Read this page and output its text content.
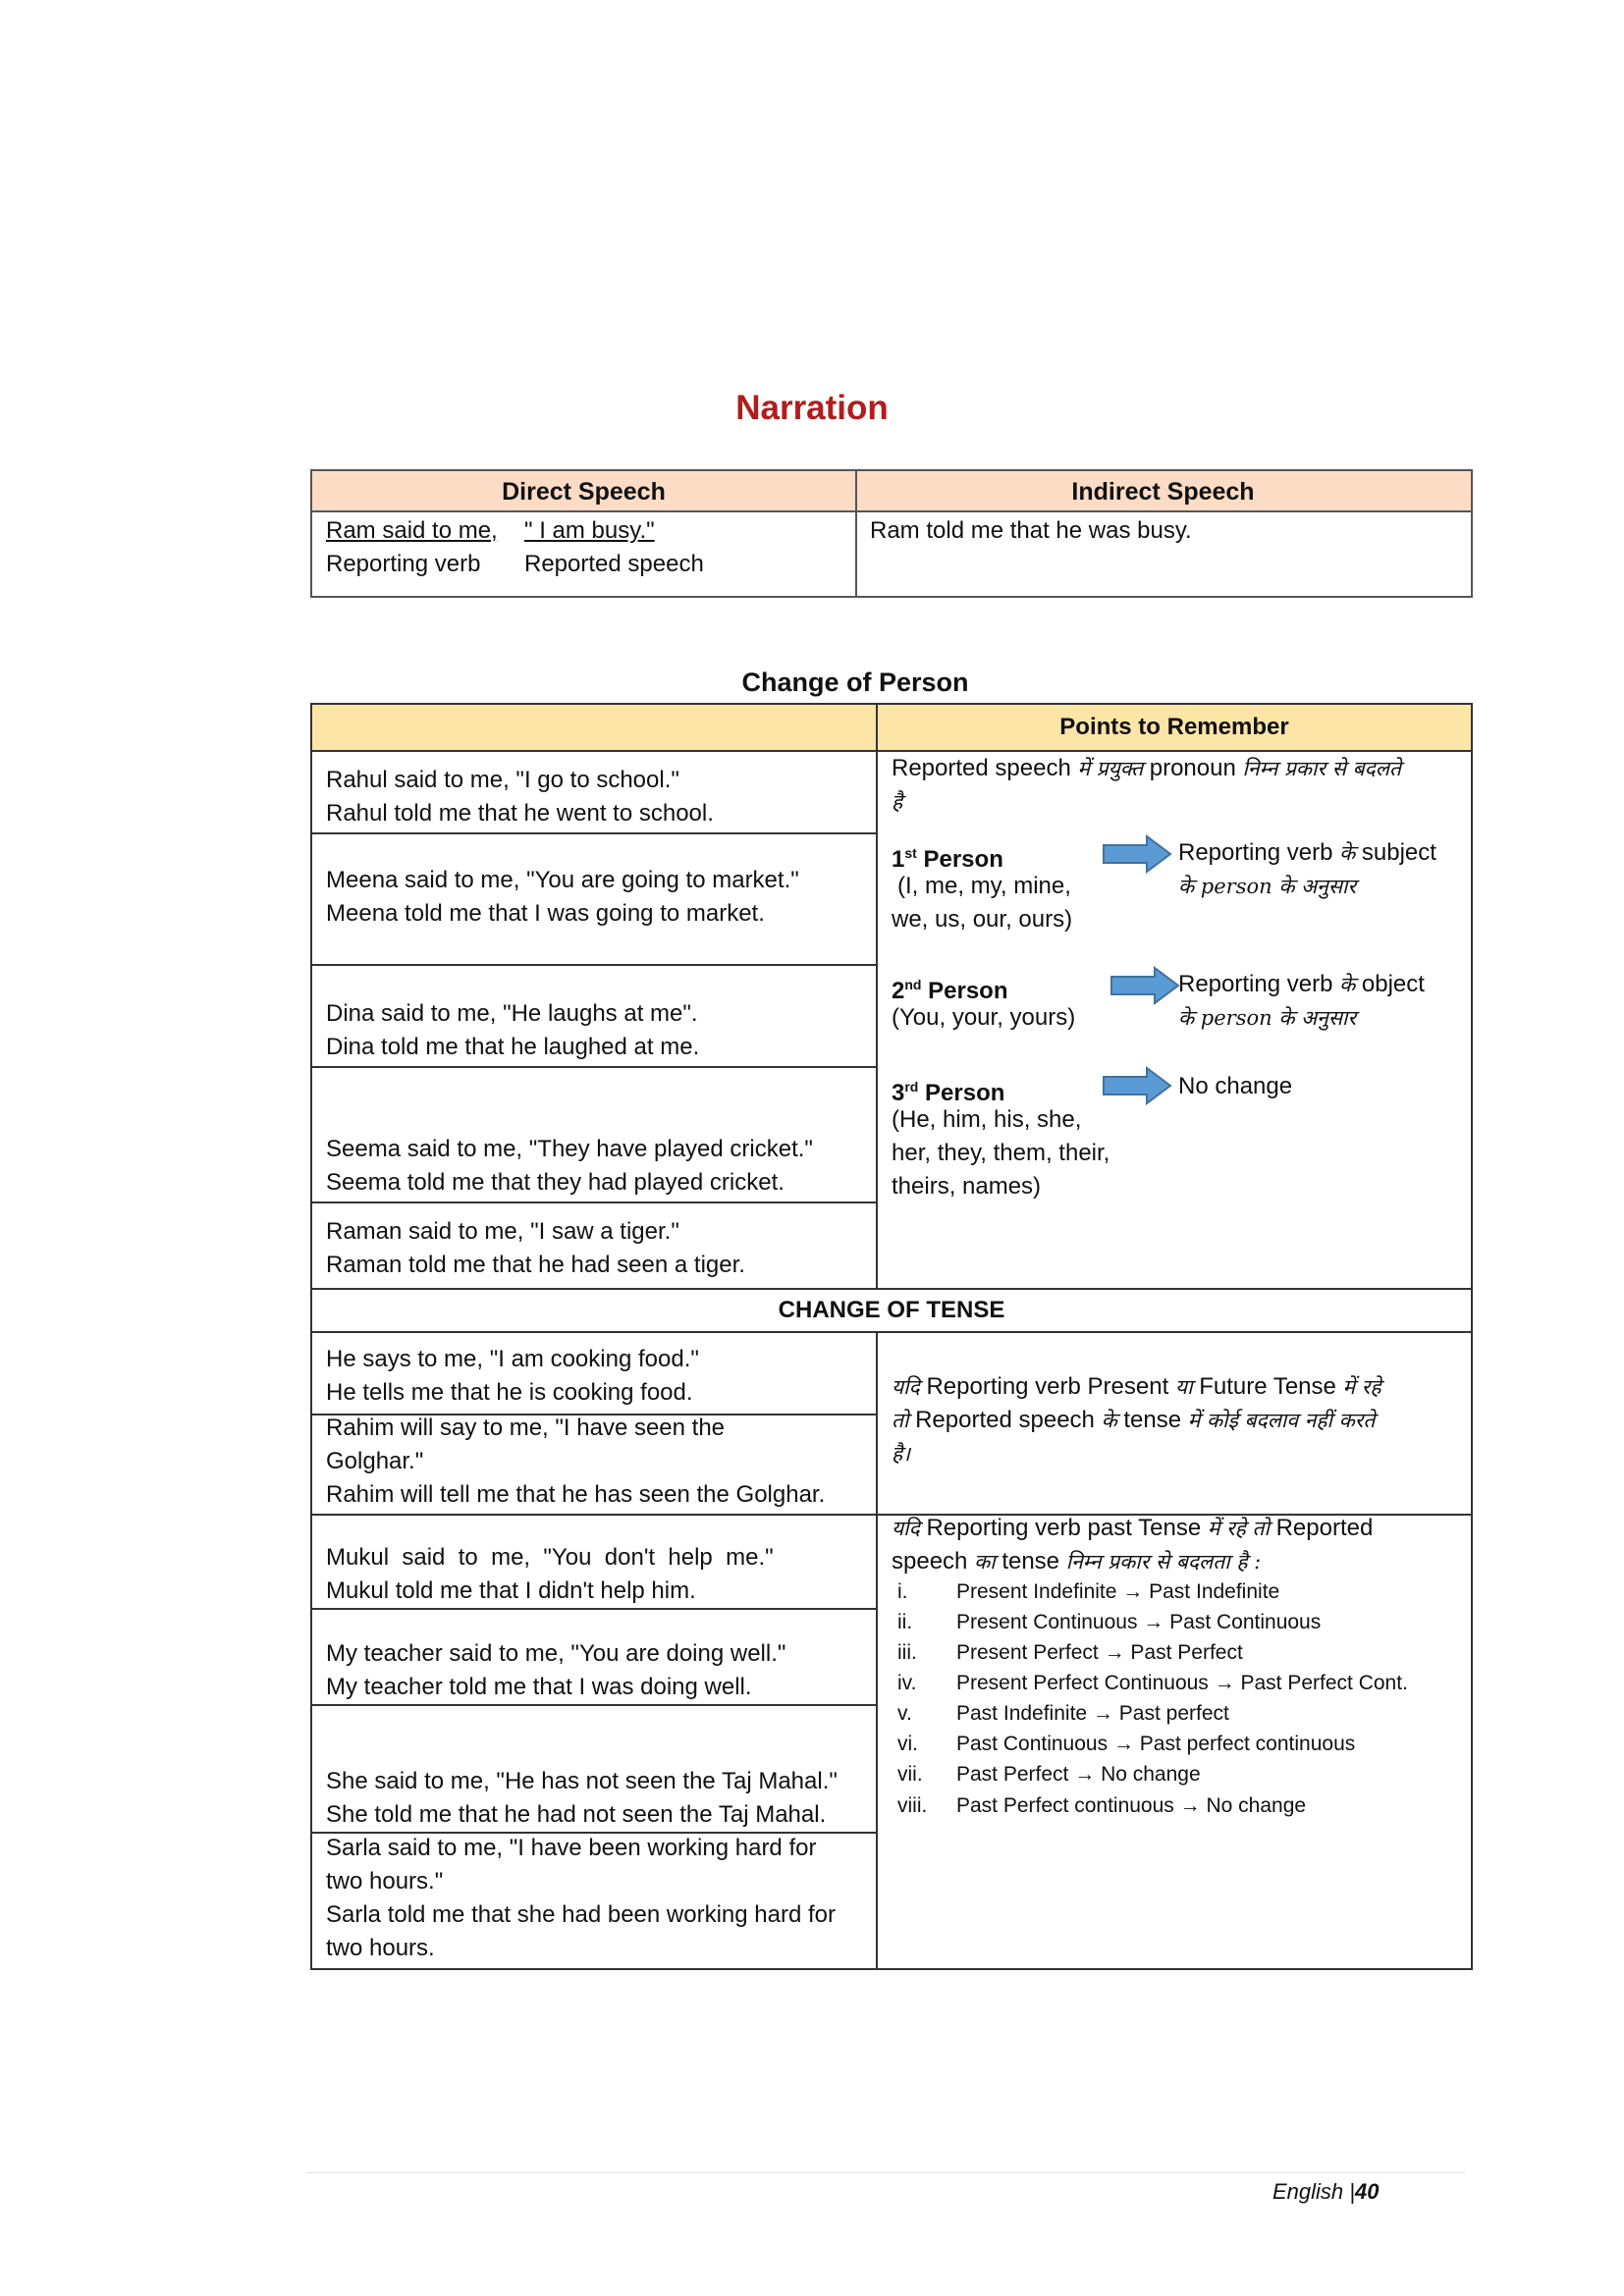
Narration
Direct Speech	Indirect Speech
Ram said to me, " I am busy."
Reporting verb Reported speech
Ram told me that he was busy.
Change of Person
Points to Remember
Rahul said to me, "I go to school."
Rahul told me that he went to school.
Meena said to me, "You are going to market."
Meena told me that I was going to market.
Dina said to me, "He laughs at me".
Dina told me that he laughed at me.
Seema said to me, "They have played cricket."
Seema told me that they had played cricket.
Raman said to me, "I saw a tiger."
Raman told me that he had seen a tiger.
Reported speech में प्रयुक्त pronoun निम्न प्रकार से बदलते
है
1st Person
(I, me, my, mine,
we, us, our, ours)
Reporting verb के subject
के person के अनुसार
2nd Person
(You, your, yours)
Reporting verb के object
के person के अनुसार
3rd Person
(He, him, his, she,
her, they, them, their,
theirs, names)
No change
CHANGE OF TENSE
He says to me, "I am cooking food."
He tells me that he is cooking food.
Rahim will say to me, "I have seen the
Golghar."
Rahim will tell me that he has seen the Golghar.
Mukul  said  to  me,  "You  don't  help  me."
Mukul told me that I didn't help him.
My teacher said to me, "You are doing well."
My teacher told me that I was doing well.
She said to me, "He has not seen the Taj Mahal."
She told me that he had not seen the Taj Mahal.
Sarla said to me, "I have been working hard for
two hours."
Sarla told me that she had been working hard for
two hours.
यदि Reporting verb Present या Future Tense में रहे
तो Reported speech के tense में कोई बदलाव नहीं करते
है।
यदि Reporting verb past Tense में रहे तो Reported
speech का tense निम्न प्रकार से बदलता है :
i. Present Indefinite → Past Indefinite
ii. Present Continuous → Past Continuous
iii. Present Perfect → Past Perfect
iv. Present Perfect Continuous → Past Perfect Cont.
v. Past Indefinite → Past perfect
vi. Past Continuous → Past perfect continuous
vii. Past Perfect → No change
viii. Past Perfect continuous → No change
English |40
